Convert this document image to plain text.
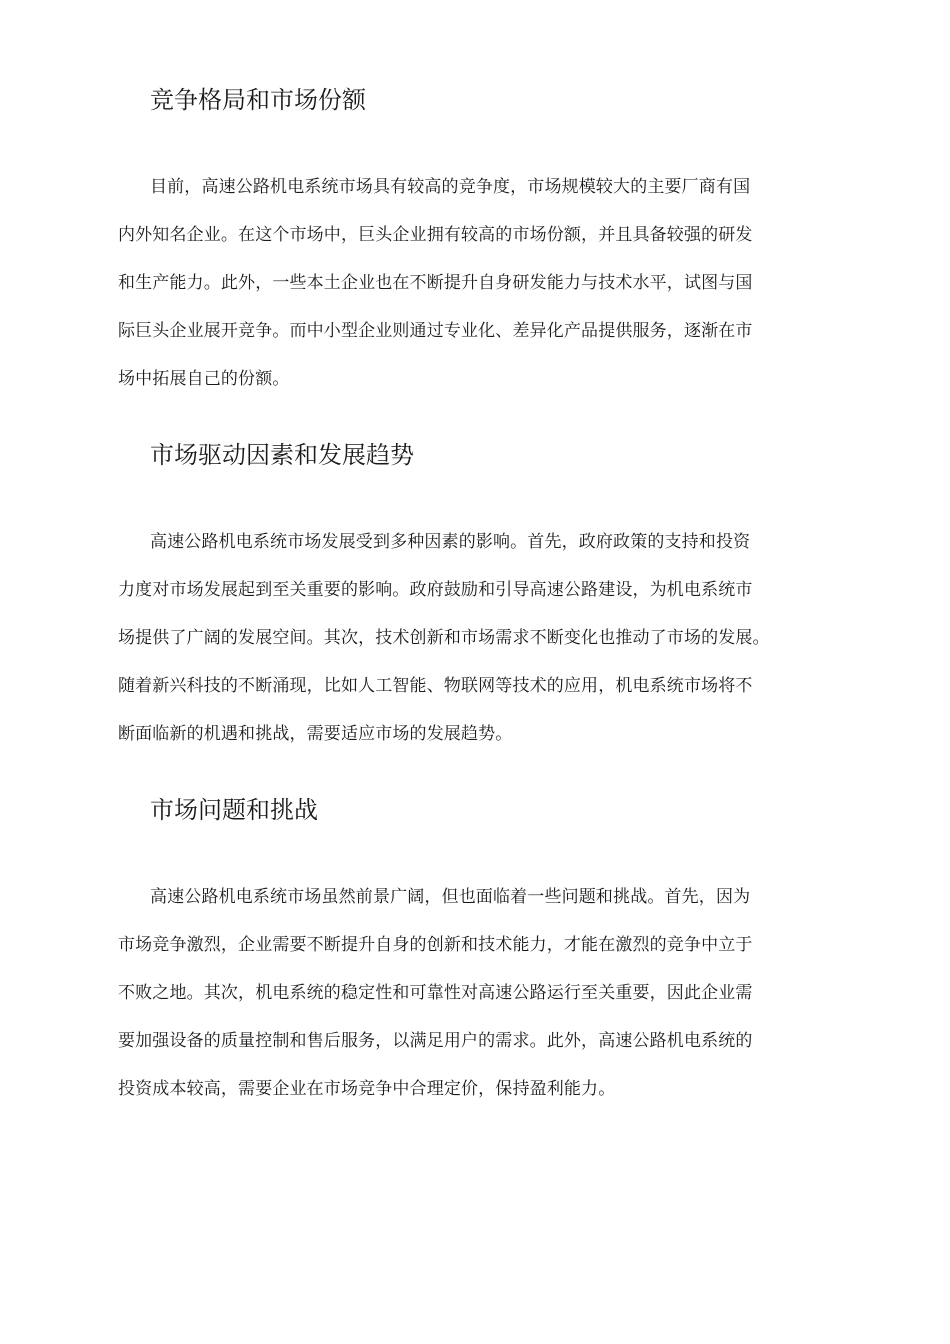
竞争格局和市场份额
目前，高速公路机电系统市场具有较高的竞争度，市场规模较大的主要厂商有国
内外知名企业。在这个市场中，巨头企业拥有较高的市场份额，并且具备较强的研发
和生产能力。此外，一些本土企业也在不断提升自身研发能力与技术水平，试图与国
际巨头企业展开竞争。而中小型企业则通过专业化、差异化产品提供服务，逐渐在市
场中拓展自己的份额。
市场驱动因素和发展趋势
高速公路机电系统市场发展受到多种因素的影响。首先，政府政策的支持和投资
力度对市场发展起到至关重要的影响。政府鼓励和引导高速公路建设，为机电系统市
场提供了广阔的发展空间。其次，技术创新和市场需求不断变化也推动了市场的发展。
随着新兴科技的不断涌现，比如人工智能、物联网等技术的应用，机电系统市场将不
断面临新的机遇和挑战，需要适应市场的发展趋势。
市场问题和挑战
高速公路机电系统市场虽然前景广阔，但也面临着一些问题和挑战。首先，因为
市场竞争激烈，企业需要不断提升自身的创新和技术能力，才能在激烈的竞争中立于
不败之地。其次，机电系统的稳定性和可靠性对高速公路运行至关重要，因此企业需
要加强设备的质量控制和售后服务，以满足用户的需求。此外，高速公路机电系统的
投资成本较高，需要企业在市场竞争中合理定价，保持盈利能力。
